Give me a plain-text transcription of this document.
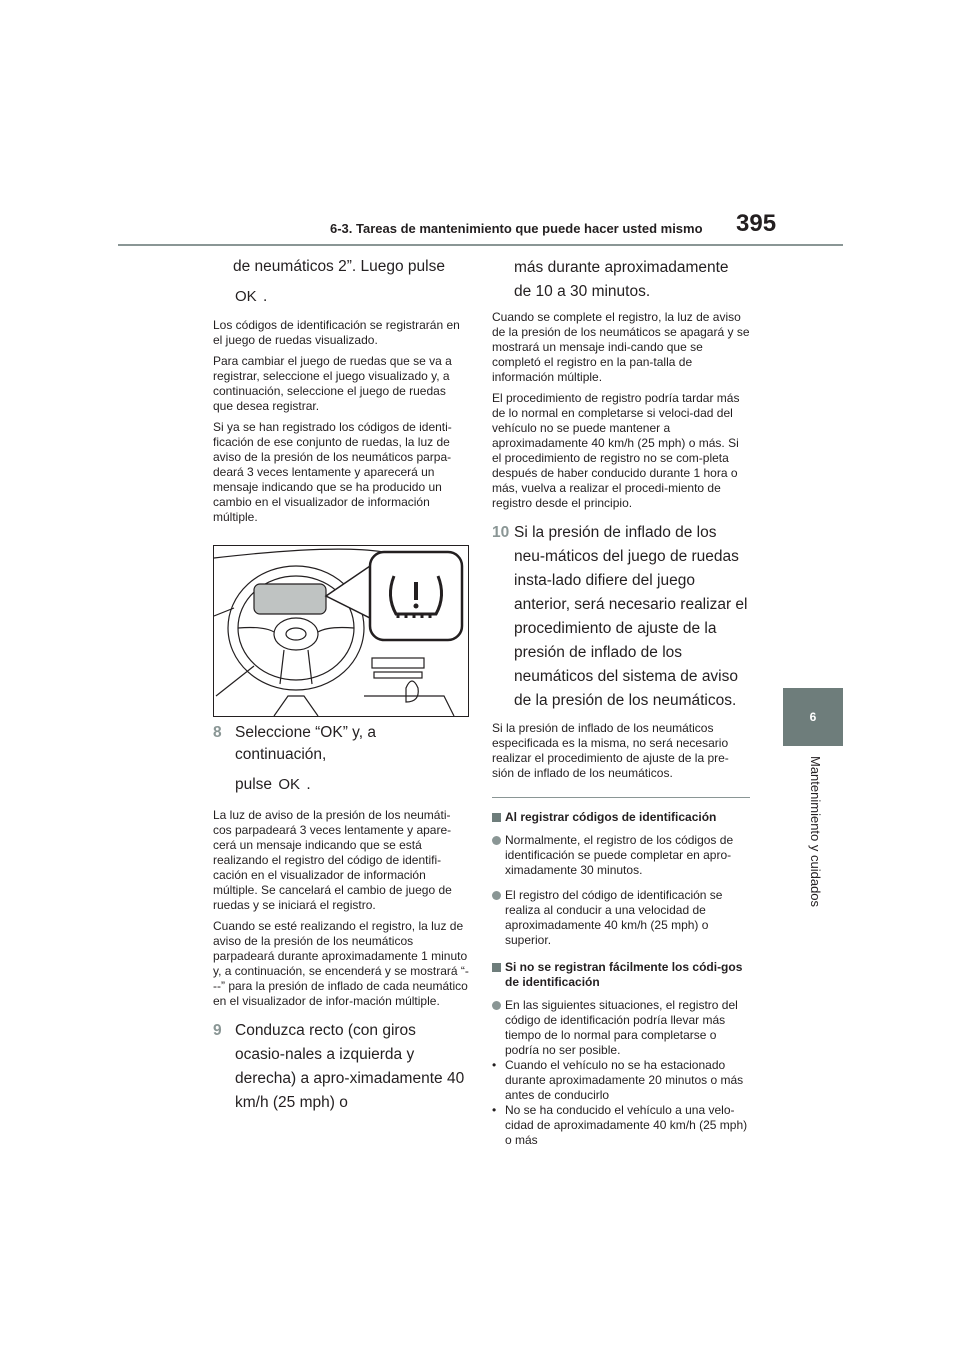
6-3. Tareas de mantenimiento que puede hacer usted mismo 395
6
Mantenimiento y cuidados
de neumáticos 2”. Luego pulse
OK .

Los códigos de identificación se registrarán en el juego de ruedas visualizado.

Para cambiar el juego de ruedas que se va a registrar, seleccione el juego visualizado y, a continuación, seleccione el juego de ruedas que desea registrar.

Si ya se han registrado los códigos de identi-ficación de ese conjunto de ruedas, la luz de aviso de la presión de los neumáticos parpa-deará 3 veces lentamente y aparecerá un mensaje indicando que se ha producido un cambio en el visualizador de información múltiple.

8 Seleccione “OK” y, a continuación,
pulse OK .

La luz de aviso de la presión de los neumáti-cos parpadeará 3 veces lentamente y apare-cerá un mensaje indicando que se está realizando el registro del código de identifi-cación en el visualizador de información múltiple. Se cancelará el cambio de juego de ruedas y se iniciará el registro.

Cuando se esté realizando el registro, la luz de aviso de la presión de los neumáticos parpadeará durante aproximadamente 1 minuto y, a continuación, se encenderá y se mostrará “---” para la presión de inflado de cada neumático en el visualizador de infor-mación múltiple.

9 Conduzca recto (con giros ocasio-nales a izquierda y derecha) a apro-ximadamente 40 km/h (25 mph) o
más durante aproximadamente de 10 a 30 minutos.

Cuando se complete el registro, la luz de aviso de la presión de los neumáticos se apagará y se mostrará un mensaje indi-cando que se completó el registro en la pan-talla de información múltiple.

El procedimiento de registro podría tardar más de lo normal en completarse si veloci-dad del vehículo no se puede mantener a aproximadamente 40 km/h (25 mph) o más. Si el procedimiento de registro no se com-pleta después de haber conducido durante 1 hora o más, vuelva a realizar el procedi-miento de registro desde el principio.

10 Si la presión de inflado de los neu-máticos del juego de ruedas insta-lado difiere del juego anterior, será necesario realizar el procedimiento de ajuste de la presión de inflado de los neumáticos del sistema de aviso de la presión de los neumáticos.

Si la presión de inflado de los neumáticos especificada es la misma, no será necesario realizar el procedimiento de ajuste de la pre-sión de inflado de los neumáticos.

Al registrar códigos de identificación

Normalmente, el registro de los códigos de identificación se puede completar en apro-ximadamente 30 minutos.

El registro del código de identificación se realiza al conducir a una velocidad de aproximadamente 40 km/h (25 mph) o superior.

Si no se registran fácilmente los códi-gos de identificación

En las siguientes situaciones, el registro del código de identificación podría llevar más tiempo de lo normal para completarse o podría no ser posible.

• Cuando el vehículo no se ha estacionado durante aproximadamente 20 minutos o más antes de conducirlo
• No se ha conducido el vehículo a una velo-cidad de aproximadamente 40 km/h (25 mph) o más
